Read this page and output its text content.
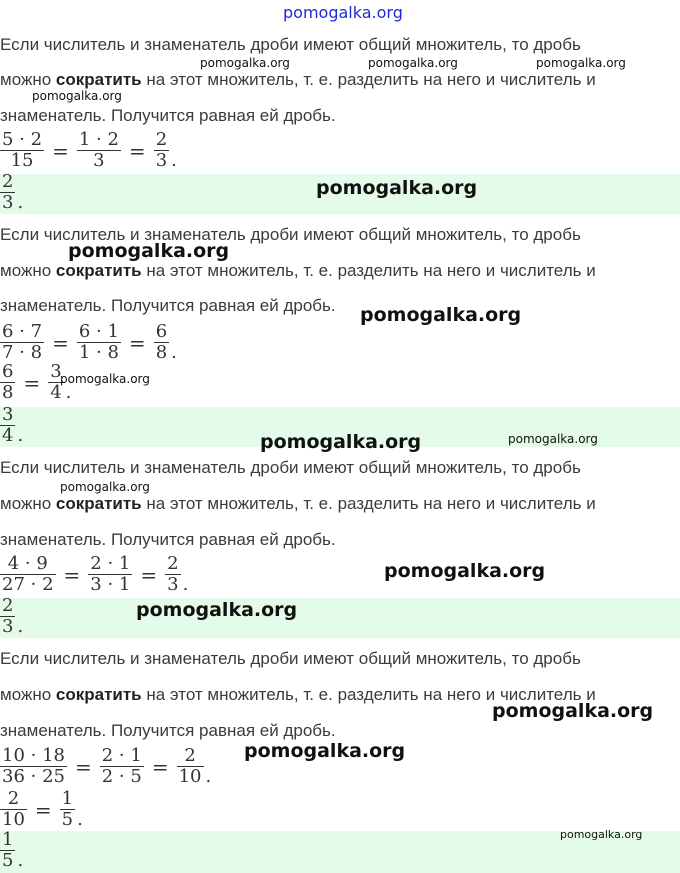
pomogalka.org
Если числитель и знаменатель дроби имеют общий множитель, то дробь
можно сократить на этот множитель, т. е. разделить на него и числитель и
знаменатель. Получится равная ей дробь.
$\frac{5 \cdot 2}{15} = \frac{1 \cdot 2}{3} = \frac{2}{3}$ .
$\frac{2}{3}$ .
Если числитель и знаменатель дроби имеют общий множитель, то дробь
можно сократить на этот множитель, т. е. разделить на него и числитель и
знаменатель. Получится равная ей дробь.
$\frac{6 \cdot 7}{7 \cdot 8} = \frac{6 \cdot 1}{1 \cdot 8} = \frac{6}{8}$ .
$\frac{6}{8} = \frac{3}{4}$ .
$\frac{3}{4}$ .
Если числитель и знаменатель дроби имеют общий множитель, то дробь
можно сократить на этот множитель, т. е. разделить на него и числитель и
знаменатель. Получится равная ей дробь.
$\frac{4 \cdot 9}{27 \cdot 2} = \frac{2 \cdot 1}{3 \cdot 1} = \frac{2}{3}$ .
$\frac{2}{3}$ .
Если числитель и знаменатель дроби имеют общий множитель, то дробь
можно сократить на этот множитель, т. е. разделить на него и числитель и
знаменатель. Получится равная ей дробь.
$\frac{10 \cdot 18}{36 \cdot 25} = \frac{2 \cdot 1}{2 \cdot 5} = \frac{2}{10}$ .
$\frac{2}{10} = \frac{1}{5}$ .
$\frac{1}{5}$ .
pomogalka.org	pomogalka.org	pomogalka.org
pomogalka.org
pomogalka.org
pomogalka.org
pomogalka.org
pomogalka.org
pomogalka.org	pomogalka.org
pomogalka.org
pomogalka.org
pomogalka.org
pomogalka.org
pomogalka.org
pomogalka.org
